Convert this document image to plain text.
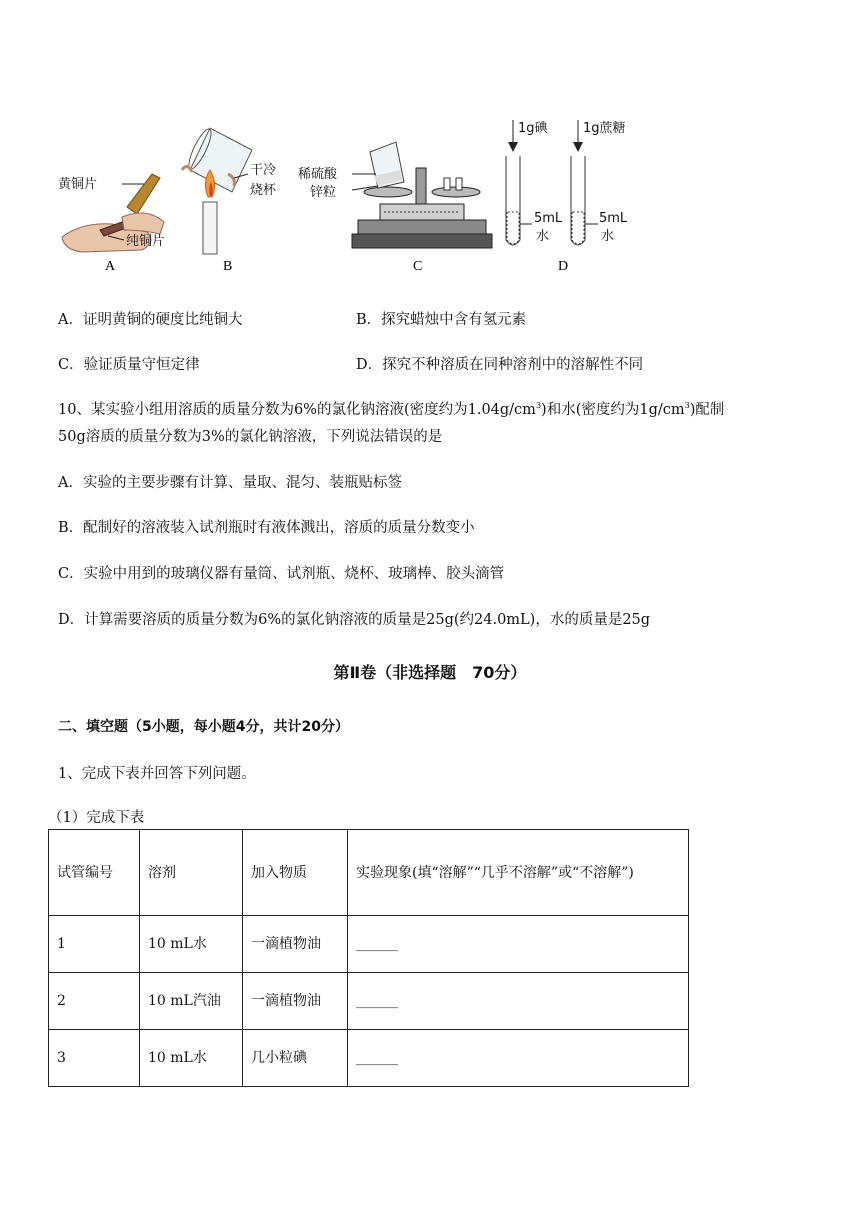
黄铜片
纯铜片
A
干冷
烧杯
B
稀硫酸
锌粒
C
1g碘	1g蔗糖
5mL
水
5mL
水
D
A．证明黄铜的硬度比纯铜大	B．探究蜡烛中含有氢元素
C．验证质量守恒定律	D．探究不种溶质在同种溶剂中的溶解性不同
10、某实验小组用溶质的质量分数为6%的氯化钠溶液(密度约为$1.04g/cm^3$)和水(密度约为$1g/cm^3$)配制
50g溶质的质量分数为3%的氯化钠溶液，下列说法错误的是
A．实验的主要步骤有计算、量取、混匀、装瓶贴标签
B．配制好的溶液装入试剂瓶时有液体溅出，溶质的质量分数变小
C．实验中用到的玻璃仪器有量筒、试剂瓶、烧杯、玻璃棒、胶头滴管
D．计算需要溶质的质量分数为6%的氯化钠溶液的质量是25g(约24.0mL)，水的质量是25g
第Ⅱ卷（非选择题　70分）
二、填空题（5小题，每小题4分，共计20分）
1、完成下表并回答下列问题。
（1）完成下表
试管编号	溶剂	加入物质	实验现象(填“溶解”“几乎不溶解”或“不溶解”)
1	10 mL水	一滴植物油	______
2	10 mL汽油	一滴植物油	______
3	10 mL水	几小粒碘	______
